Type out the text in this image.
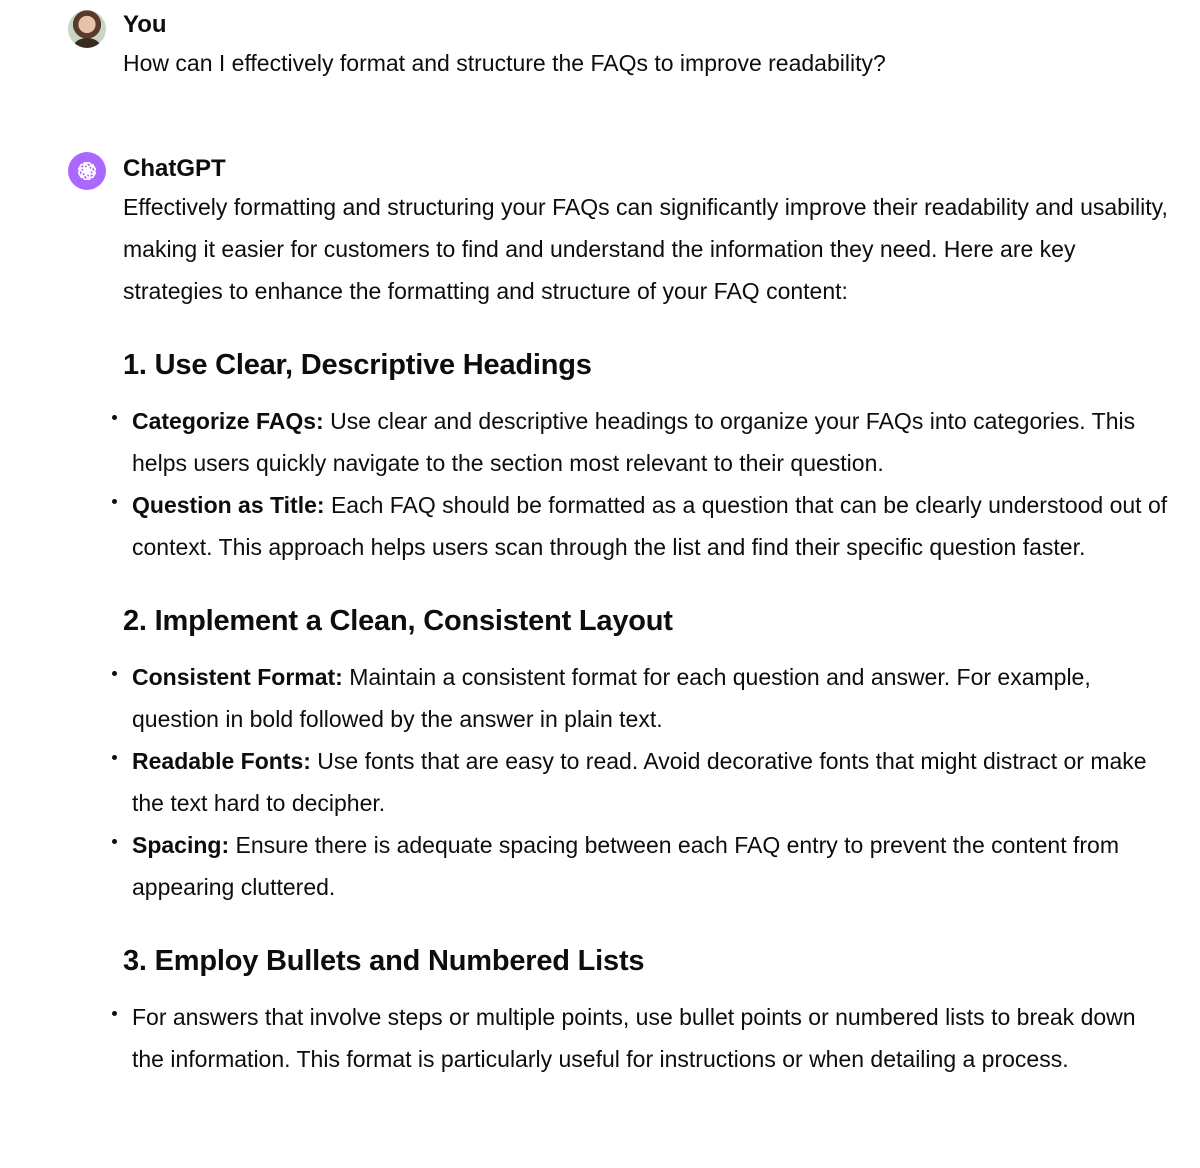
You

How can I effectively format and structure the FAQs to improve readability?

ChatGPT

Effectively formatting and structuring your FAQs can significantly improve their readability and usability, making it easier for customers to find and understand the information they need. Here are key strategies to enhance the formatting and structure of your FAQ content:

1. Use Clear, Descriptive Headings
Categorize FAQs: Use clear and descriptive headings to organize your FAQs into categories. This helps users quickly navigate to the section most relevant to their question.
Question as Title: Each FAQ should be formatted as a question that can be clearly understood out of context. This approach helps users scan through the list and find their specific question faster.
2. Implement a Clean, Consistent Layout
Consistent Format: Maintain a consistent format for each question and answer. For example, question in bold followed by the answer in plain text.
Readable Fonts: Use fonts that are easy to read. Avoid decorative fonts that might distract or make the text hard to decipher.
Spacing: Ensure there is adequate spacing between each FAQ entry to prevent the content from appearing cluttered.
3. Employ Bullets and Numbered Lists
For answers that involve steps or multiple points, use bullet points or numbered lists to break down the information. This format is particularly useful for instructions or when detailing a process.
